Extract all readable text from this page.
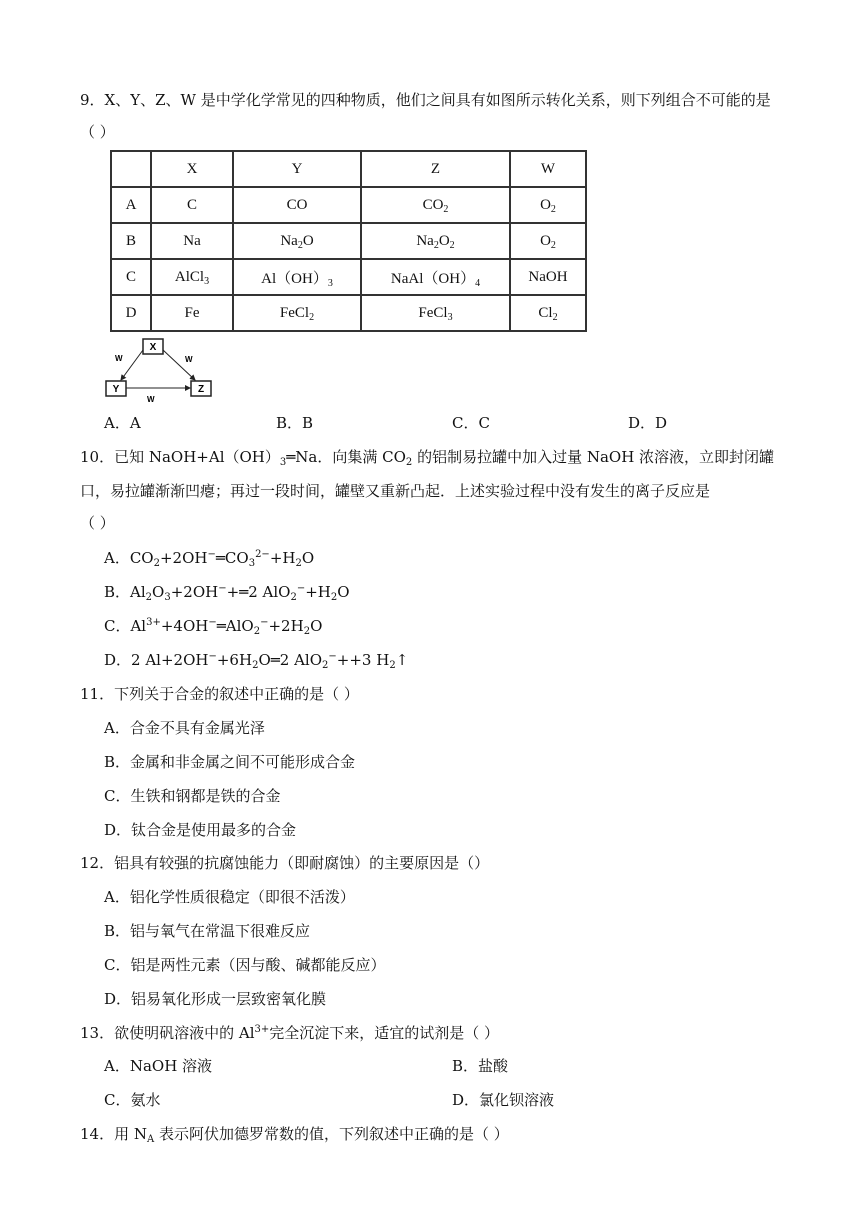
9．X、Y、Z、W 是中学化学常见的四种物质，他们之间具有如图所示转化关系，则下列组合不可能的是
（ ）
	X	Y	Z	W
A	C	CO	$CO_2$	$O_2$
B	Na	$Na_2O$	$Na_2O_2$	$O_2$
C	AlCl$_3$	$Al(OH)_3$	$NaAl(OH)_4$	NaOH
D	Fe	FeCl$_2$	FeCl$_3$	$Cl_2$
X
Y	Z
W	W
W
A．A	B．B	C．C	D．D
10．已知 $NaOH+Al(OH)_3═Na$．向集满 $CO_2$ 的铝制易拉罐中加入过量 NaOH 浓溶液，立即封闭罐
口，易拉罐渐渐凹瘪；再过一段时间，罐壁又重新凸起．上述实验过程中没有发生的离子反应是
（ ）
A．$CO_2+2OH^-═CO_3^{2-}+H_2O$
B．$Al_2O_3+2OH^-+═2$ $AlO_2^-+H_2O$
C．$Al^{3+}+4OH^-═AlO_2^-+2H_2O$
D．2 $Al+2OH^-+6H_2O═2$ AlO$_2$−++3 $H_2↑$
11．下列关于合金的叙述中正确的是（ ）
A．合金不具有金属光泽
B．金属和非金属之间不可能形成合金
C．生铁和钢都是铁的合金
D．钛合金是使用最多的合金
12．铝具有较强的抗腐蚀能力（即耐腐蚀）的主要原因是（）
A．铝化学性质很稳定（即很不活泼）
B．铝与氧气在常温下很难反应
C．铝是两性元素（因与酸、碱都能反应）
D．铝易氧化形成一层致密氧化膜
13．欲使明矾溶液中的 $Al^{3+}$完全沉淀下来，适宜的试剂是（ ）
A．NaOH 溶液	B．盐酸
C．氨水	D．氯化钡溶液
14．用 $N_A$ 表示阿伏加德罗常数的值，下列叙述中正确的是（ ）
